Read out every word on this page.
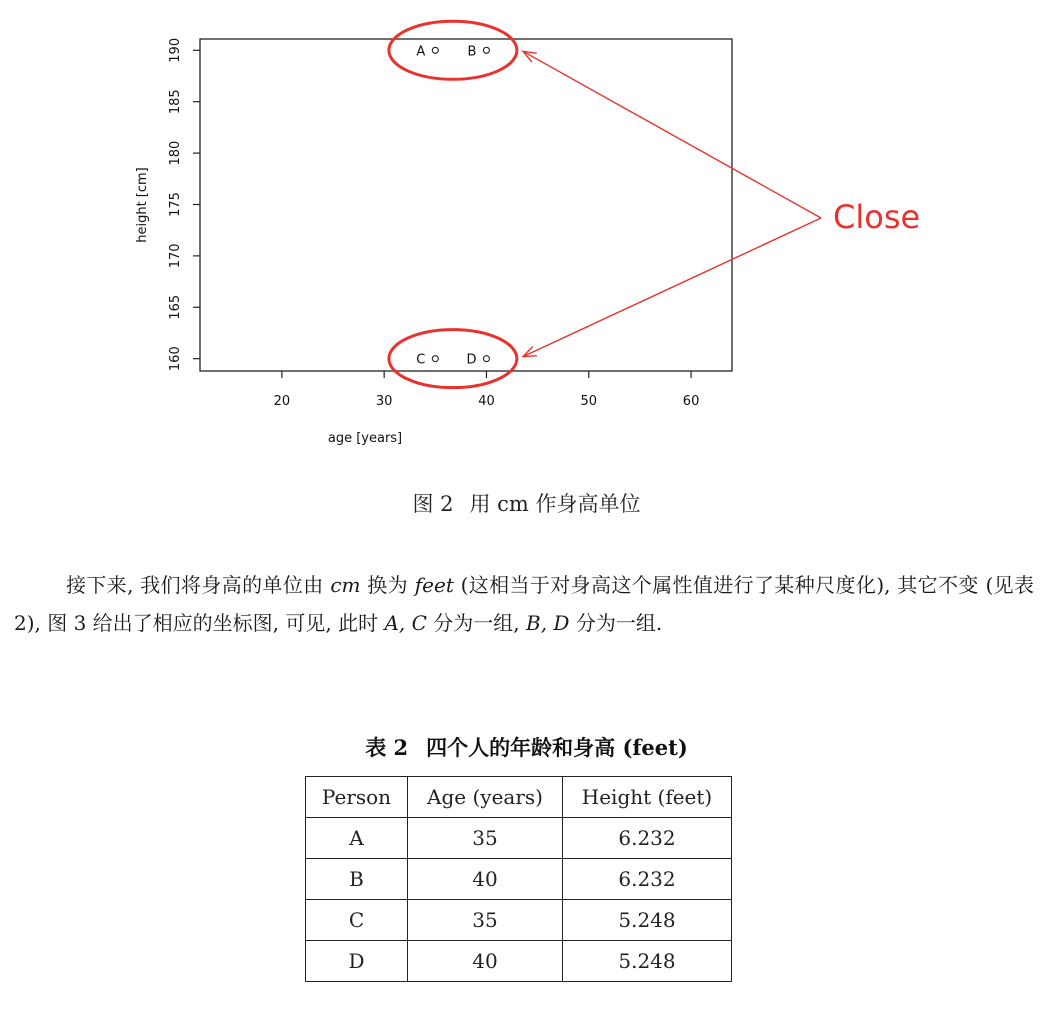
20	30	40	50	60
160
165
170
175
180
185
190
age [years]
height [cm]
A	B
C	D
Close
图 2 用 cm 作身高单位
接下来, 我们将身高的单位由 cm 换为 feet (这相当于对身高这个属性值进行了某种尺度化), 其它不变 (见表 2), 图 3 给出了相应的坐标图, 可见, 此时 A, C 分为一组, B, D 分为一组.
表 2 四个人的年龄和身高 (feet)
Person	Age (years)	Height (feet)
A	35	6.232
B	40	6.232
C	35	5.248
D	40	5.248
